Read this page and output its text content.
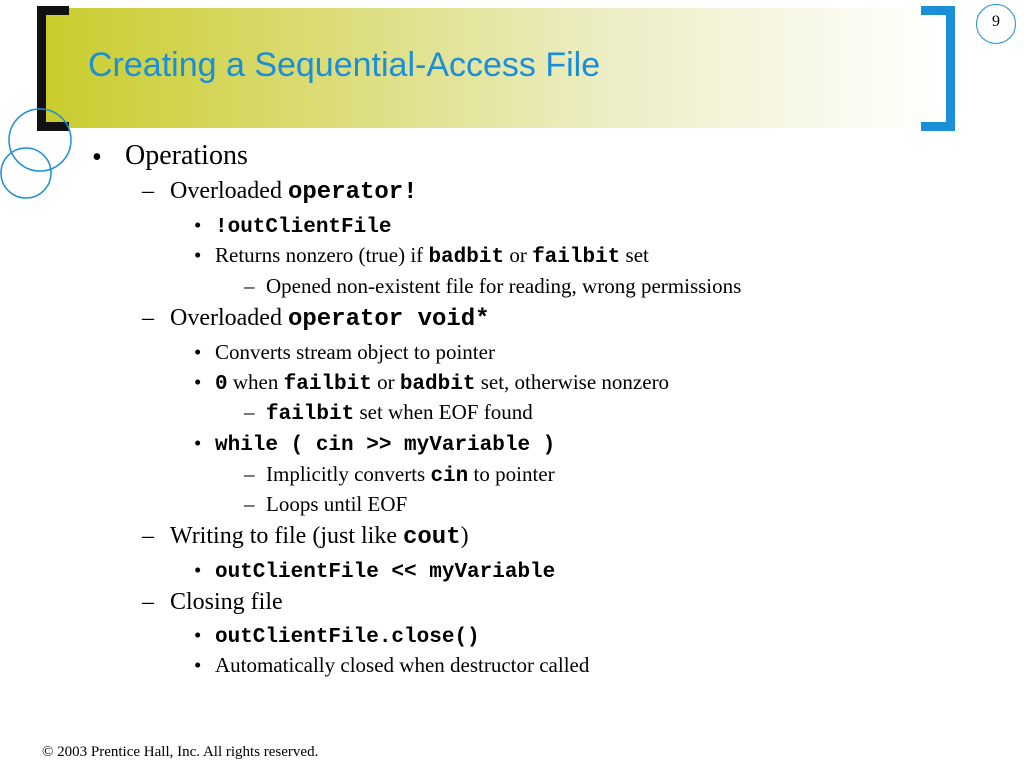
Creating a Sequential-Access File
9
• Operations
– Overloaded operator!
• !outClientFile
• Returns nonzero (true) if badbit or failbit set
– Opened non-existent file for reading, wrong permissions
– Overloaded operator void*
• Converts stream object to pointer
• 0 when failbit or badbit set, otherwise nonzero
– failbit set when EOF found
• while ( cin >> myVariable )
– Implicitly converts cin to pointer
– Loops until EOF
– Writing to file (just like cout)
• outClientFile << myVariable
– Closing file
• outClientFile.close()
• Automatically closed when destructor called
© 2003 Prentice Hall, Inc. All rights reserved.
